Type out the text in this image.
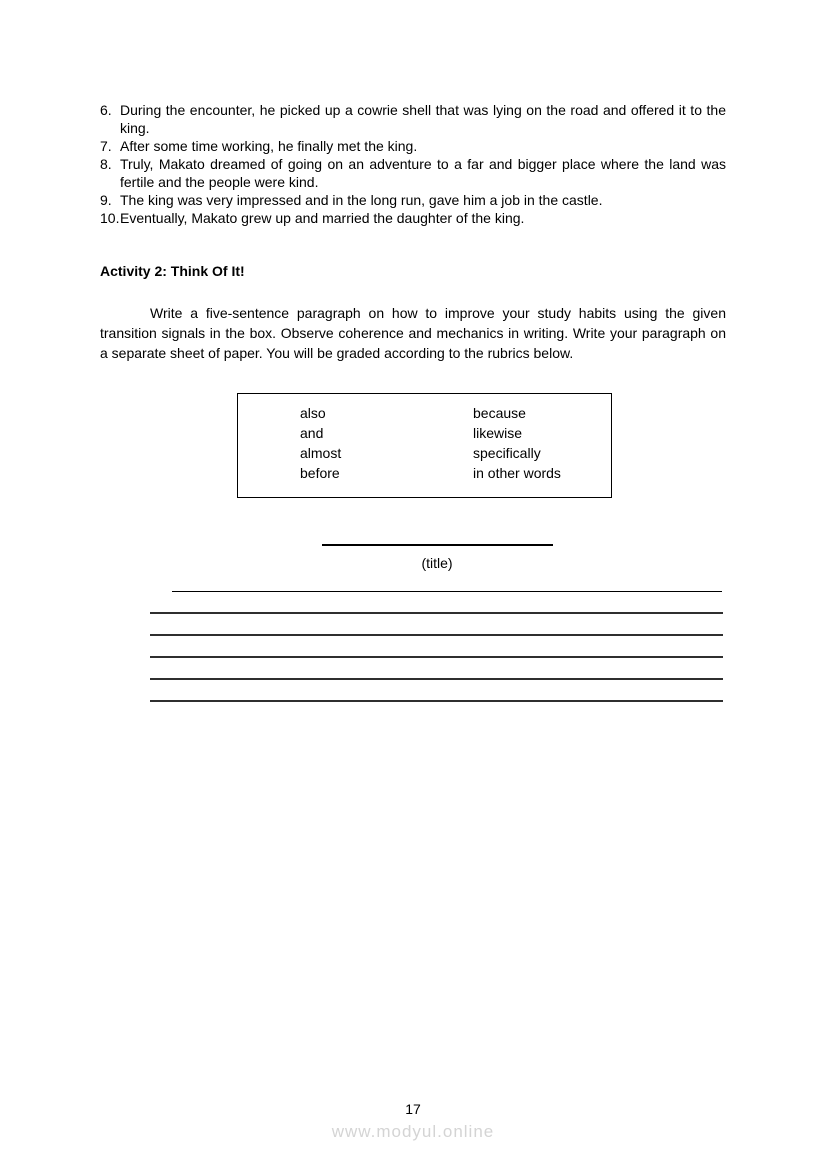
6. During the encounter, he picked up a cowrie shell that was lying on the road and offered it to the king.
7. After some time working, he finally met the king.
8. Truly, Makato dreamed of going on an adventure to a far and bigger place where the land was fertile and the people were kind.
9. The king was very impressed and in the long run, gave him a job in the castle.
10. Eventually, Makato grew up and married the daughter of the king.
Activity 2: Think Of It!
Write a five-sentence paragraph on how to improve your study habits using the given transition signals in the box. Observe coherence and mechanics in writing. Write your paragraph on a separate sheet of paper. You will be graded according to the rubrics below.
also
and
almost
before
because
likewise
specifically
in other words
(title)
17
www.modyul.online
